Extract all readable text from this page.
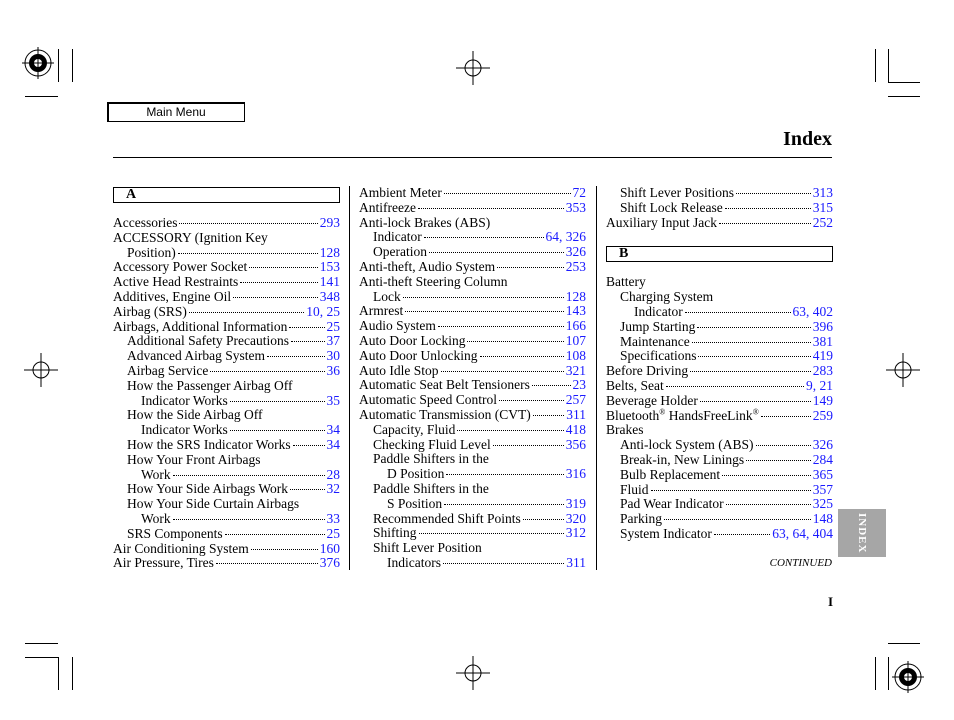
Main Menu
Index
A
Accessories	293
ACCESSORY (Ignition Key
Position)	128
Accessory Power Socket	153
Active Head Restraints	141
Additives, Engine Oil	348
Airbag (SRS)	10, 25
Airbags, Additional Information	25
Additional Safety Precautions	37
Advanced Airbag System	30
Airbag Service	36
How the Passenger Airbag Off
Indicator Works	35
How the Side Airbag Off
Indicator Works	34
How the SRS Indicator Works	34
How Your Front Airbags
Work	28
How Your Side Airbags Work	32
How Your Side Curtain Airbags
Work	33
SRS Components	25
Air Conditioning System	160
Air Pressure, Tires	376
Ambient Meter	72
Antifreeze	353
Anti-lock Brakes (ABS)
Indicator	64, 326
Operation	326
Anti-theft, Audio System	253
Anti-theft Steering Column
Lock	128
Armrest	143
Audio System	166
Auto Door Locking	107
Auto Door Unlocking	108
Auto Idle Stop	321
Automatic Seat Belt Tensioners	23
Automatic Speed Control	257
Automatic Transmission (CVT)	311
Capacity, Fluid	418
Checking Fluid Level	356
Paddle Shifters in the
D Position	316
Paddle Shifters in the
S Position	319
Recommended Shift Points	320
Shifting	312
Shift Lever Position
Indicators	311
Shift Lever Positions	313
Shift Lock Release	315
Auxiliary Input Jack	252
B
Battery
Charging System
Indicator	63, 402
Jump Starting	396
Maintenance	381
Specifications	419
Before Driving	283
Belts, Seat	9, 21
Beverage Holder	149
Bluetooth® HandsFreeLink®	259
Brakes
Anti-lock System (ABS)	326
Break-in, New Linings	284
Bulb Replacement	365
Fluid	357
Pad Wear Indicator	325
Parking	148
System Indicator	63, 64, 404
CONTINUED
I
INDEX
